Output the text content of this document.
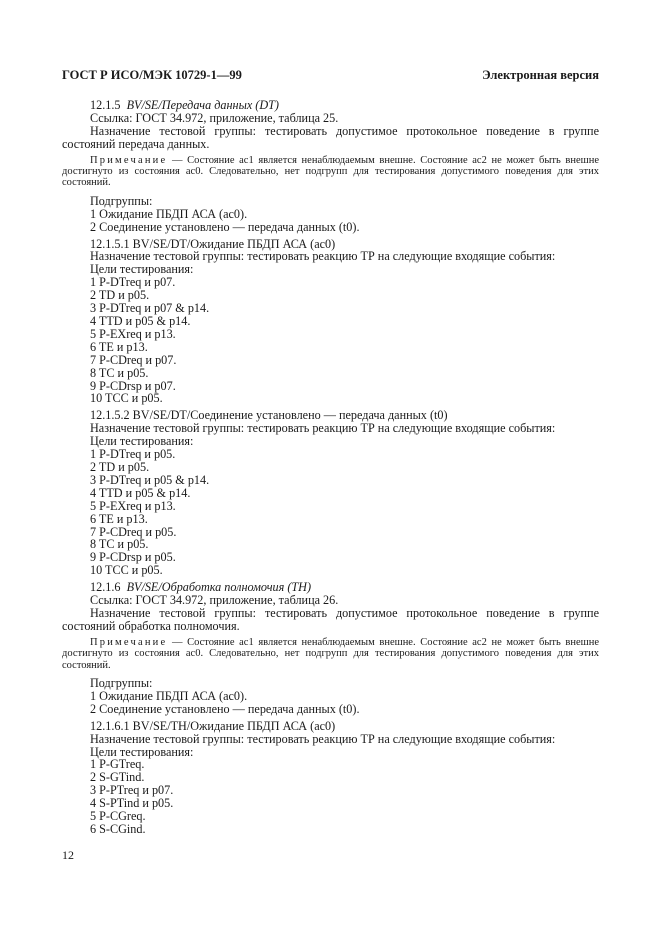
ГОСТ Р ИСО/МЭК 10729-1—99	Электронная версия

12.1.5 BV/SE/Передача данных (DT)

Ссылка: ГОСТ 34.972, приложение, таблица 25.

Назначение тестовой группы: тестировать допустимое протокольное поведение в группе состояний передача данных.

Примечание — Состояние ac1 является ненаблюдаемым внешне. Состояние ac2 не может быть внешне достигнуто из состояния ac0. Следовательно, нет подгрупп для тестирования допустимого поведения для этих состояний.

Подгруппы:

1 Ожидание ПБДП АСА (ac0).
2 Соединение установлено — передача данных (t0).

12.1.5.1 BV/SE/DT/Ожидание ПБДП АСА (ac0)

Назначение тестовой группы: тестировать реакцию ТР на следующие входящие события:

Цели тестирования:

1 P-DTreq и p07.
2 TD и p05.
3 P-DTreq и p07 & p14.
4 TTD и p05 & p14.
5 P-EXreq и p13.
6 TE и p13.
7 P-CDreq и p07.
8 TC и p05.
9 P-CDrsp и p07.
10 TCC и p05.

12.1.5.2 BV/SE/DT/Соединение установлено — передача данных (t0)

Назначение тестовой группы: тестировать реакцию ТР на следующие входящие события:

Цели тестирования:

1 P-DTreq и p05.
2 TD и p05.
3 P-DTreq и p05 & p14.
4 TTD и p05 & p14.
5 P-EXreq и p13.
6 TE и p13.
7 P-CDreq и p05.
8 TC и p05.
9 P-CDrsp и p05.
10 TCC и p05.

12.1.6 BV/SE/Обработка полномочия (TH)

Ссылка: ГОСТ 34.972, приложение, таблица 26.

Назначение тестовой группы: тестировать допустимое протокольное поведение в группе состояний обработка полномочия.

Примечание — Состояние ac1 является ненаблюдаемым внешне. Состояние ac2 не может быть внешне достигнуто из состояния ac0. Следовательно, нет подгрупп для тестирования допустимого поведения для этих состояний.

Подгруппы:

1 Ожидание ПБДП АСА (ac0).
2 Соединение установлено — передача данных (t0).

12.1.6.1 BV/SE/TH/Ожидание ПБДП АСА (ac0)

Назначение тестовой группы: тестировать реакцию ТР на следующие входящие события:

Цели тестирования:

1 P-GTreq.
2 S-GTind.
3 P-PTreq и p07.
4 S-PTind и p05.
5 P-CGreq.
6 S-CGind.
12
